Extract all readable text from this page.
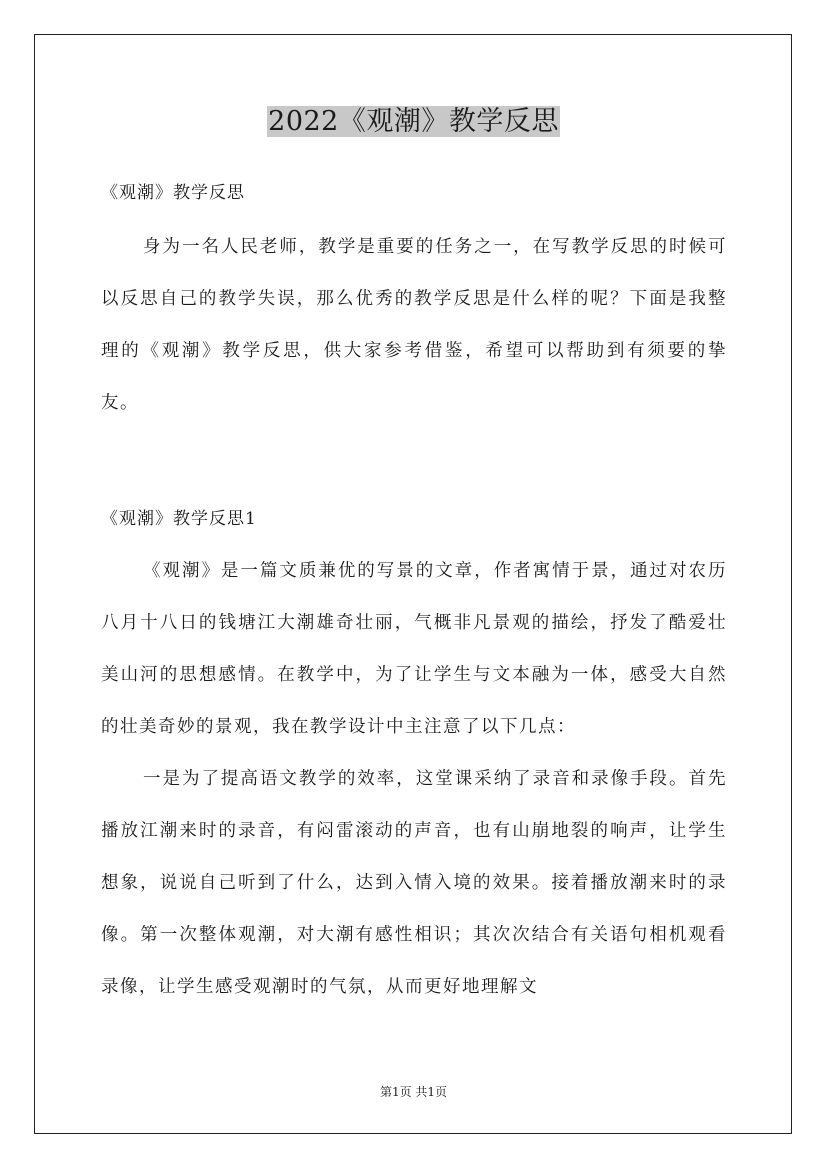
2022《观潮》教学反思

《观潮》教学反思

身为一名人民老师，教学是重要的任务之一，在写教学反思的时候可以反思自己的教学失误，那么优秀的教学反思是什么样的呢？下面是我整理的《观潮》教学反思，供大家参考借鉴，希望可以帮助到有须要的挚友。

《观潮》教学反思1

《观潮》是一篇文质兼优的写景的文章，作者寓情于景，通过对农历八月十八日的钱塘江大潮雄奇壮丽，气概非凡景观的描绘，抒发了酷爱壮美山河的思想感情。在教学中，为了让学生与文本融为一体，感受大自然的壮美奇妙的景观，我在教学设计中主注意了以下几点：

一是为了提高语文教学的效率，这堂课采纳了录音和录像手段。首先播放江潮来时的录音，有闷雷滚动的声音，也有山崩地裂的响声，让学生想象，说说自己听到了什么，达到入情入境的效果。接着播放潮来时的录像。第一次整体观潮，对大潮有感性相识；其次次结合有关语句相机观看录像，让学生感受观潮时的气氛，从而更好地理解文

第1页 共1页
